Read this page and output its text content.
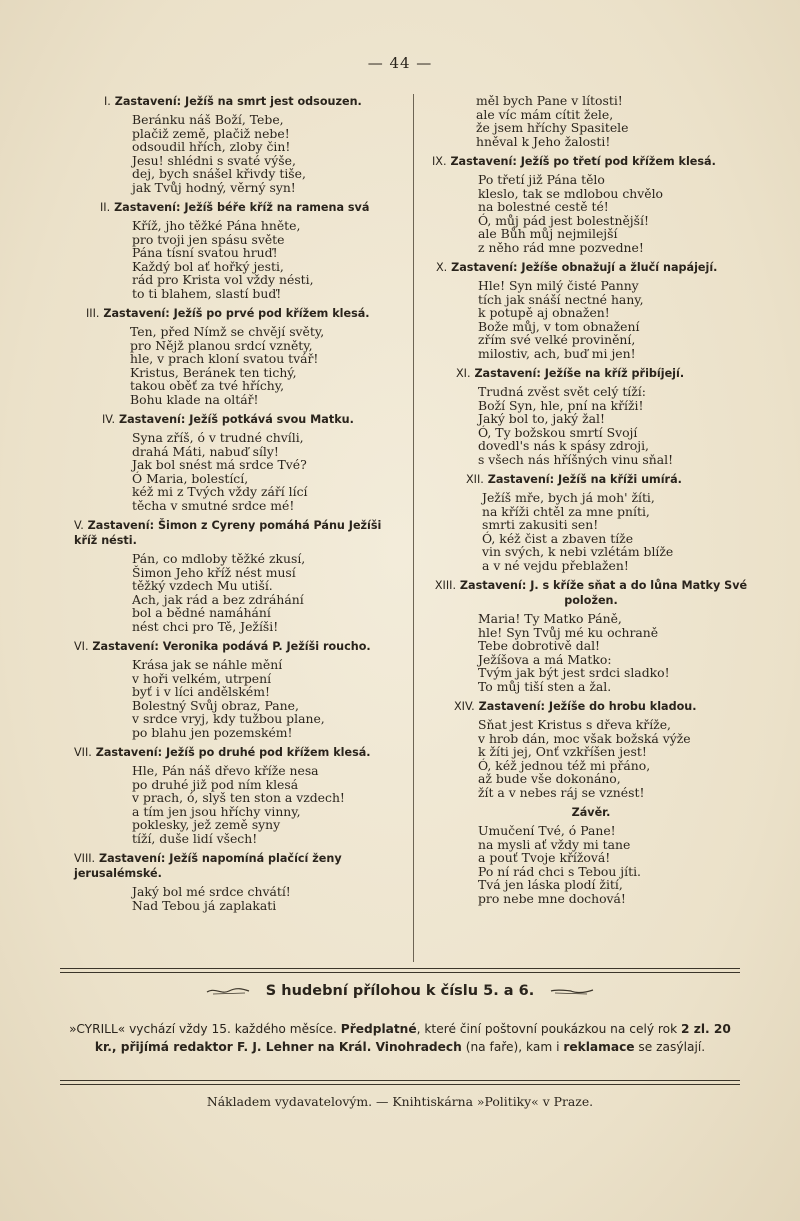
— 44 —
I. Zastavení: Ježíš na smrt jest odsouzen.
Beránku náš Boží, Tebe,
plačiž země, plačiž nebe!
odsoudil hřích, zloby čin!
Jesu! shlédni s svaté výše,
dej, bych snášel křivdy tiše,
jak Tvůj hodný, věrný syn!
II. Zastavení: Ježíš béře kříž na ramena svá
Kříž, jho těžké Pána hněte,
pro tvoji jen spásu světe
Pána tísní svatou hruď!
Každý bol ať hořký jesti,
rád pro Krista vol vždy nésti,
to ti blahem, slastí buď!
III. Zastavení: Ježíš po prvé pod křížem klesá.
Ten, před Nímž se chvějí světy,
pro Nějž planou srdcí vzněty,
hle, v prach kloní svatou tvář!
Kristus, Beránek ten tichý,
takou oběť za tvé hříchy,
Bohu klade na oltář!
IV. Zastavení: Ježíš potkává svou Matku.
Syna zříš, ó v trudné chvíli,
drahá Máti, nabuď síly!
Jak bol snést má srdce Tvé?
Ó Maria, bolestící,
kéž mi z Tvých vždy září lící
těcha v smutné srdce mé!
V. Zastavení: Šimon z Cyreny pomáhá Pánu Ježíši kříž nésti.
Pán, co mdloby těžké zkusí,
Šimon Jeho kříž nést musí
těžký vzdech Mu utiší.
Ach, jak rád a bez zdráhání
bol a bědné namáhání
nést chci pro Tě, Ježíši!
VI. Zastavení: Veronika podává P. Ježíši roucho.
Krása jak se náhle mění
v hoři velkém, utrpení
byť i v líci andělském!
Bolestný Svůj obraz, Pane,
v srdce vryj, kdy tužbou plane,
po blahu jen pozemském!
VII. Zastavení: Ježíš po druhé pod křížem klesá.
Hle, Pán náš dřevo kříže nesa
po druhé již pod ním klesá
v prach, ó, slyš ten ston a vzdech!
a tím jen jsou hříchy vinny,
poklesky, jež země syny
tíží, duše lidí všech!
VIII. Zastavení: Ježíš napomíná plačící ženy jerusalémské.
Jaký bol mé srdce chvátí!
Nad Tebou já zaplakati
měl bych Pane v lítosti!
ale víc mám cítit žele,
že jsem hříchy Spasitele
hněval k Jeho žalosti!
IX. Zastavení: Ježíš po třetí pod křížem klesá.
Po třetí již Pána tělo
kleslo, tak se mdlobou chvělo
na bolestné cestě té!
Ó, můj pád jest bolestnější!
ale Bůh můj nejmilejší
z něho rád mne pozvedne!
X. Zastavení: Ježíše obnažují a žlučí napájejí.
Hle! Syn milý čisté Panny
tích jak snáší nectné hany,
k potupě aj obnažen!
Bože můj, v tom obnažení
zřím své velké provinění,
milostiv, ach, buď mi jen!
XI. Zastavení: Ježíše na kříž přibíjejí.
Trudná zvěst svět celý tíží:
Boží Syn, hle, pní na kříži!
Jaký bol to, jaký žal!
Ó, Ty božskou smrtí Svojí
dovedl's nás k spásy zdroji,
s všech nás hříšných vinu sňal!
XII. Zastavení: Ježíš na kříži umírá.
Ježíš mře, bych já moh' žíti,
na kříži chtěl za mne pníti,
smrti zakusiti sen!
Ó, kéž čist a zbaven tíže
vin svých, k nebi vzlétám blíže
a v né vejdu přeblažen!
XIII. Zastavení: J. s kříže sňat a do lůna Matky Své položen.
Maria! Ty Matko Páně,
hle! Syn Tvůj mé ku ochraně
Tebe dobrotivě dal!
Ježíšova a má Matko:
Tvým jak být jest srdci sladko!
To můj tiší sten a žal.
XIV. Zastavení: Ježíše do hrobu kladou.
Sňat jest Kristus s dřeva kříže,
v hrob dán, moc však božská výže
k žíti jej, Onť vzkříšen jest!
Ó, kéž jednou též mi přáno,
až bude vše dokonáno,
žít a v nebes ráj se vznést!
Závěr.
Umučení Tvé, ó Pane!
na mysli ať vždy mi tane
a pouť Tvoje křížová!
Po ní rád chci s Tebou jíti.
Tvá jen láska plodí žití,
pro nebe mne dochová!
S hudební přílohou k číslu 5. a 6.
»CYRILL« vychází vždy 15. každého měsíce. Předplatné, které činí poštovní poukázkou na celý rok 2 zl. 20 kr., přijímá redaktor F. J. Lehner na Král. Vinohradech (na faře), kam i reklamace se zasýlají.
Nákladem vydavatelovým. — Knihtiskárna »Politiky« v Praze.
